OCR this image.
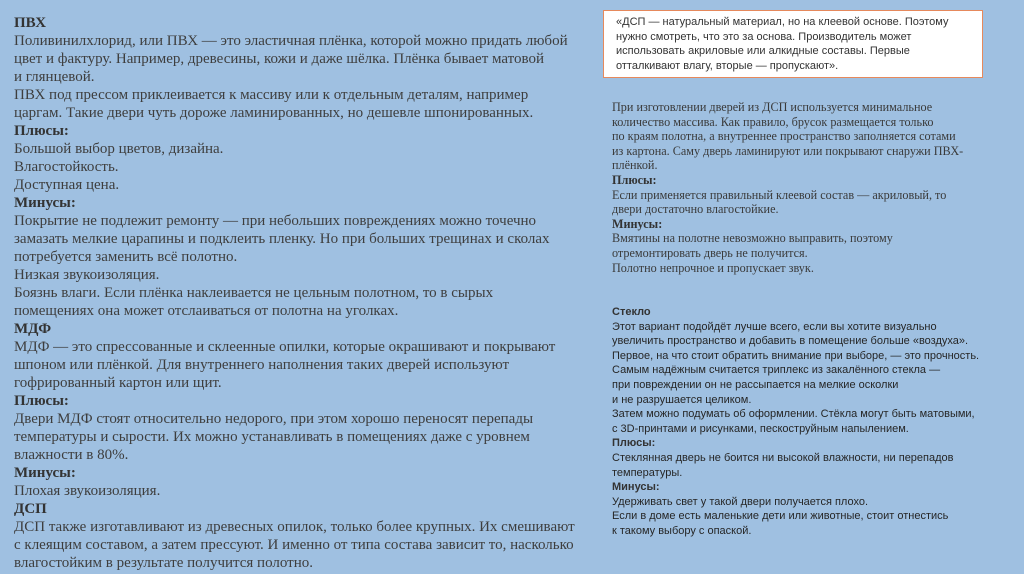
ПВХ
Поливинилхлорид, или ПВХ — это эластичная плёнка, которой можно придать любой
цвет и фактуру. Например, древесины, кожи и даже шёлка. Плёнка бывает матовой
и глянцевой.
ПВХ под прессом приклеивается к массиву или к отдельным деталям, например
царгам. Такие двери чуть дороже ламинированных, но дешевле шпонированных.
Плюсы:
Большой выбор цветов, дизайна.
Влагостойкость.
Доступная цена.
Минусы:
Покрытие не подлежит ремонту — при небольших повреждениях можно точечно
замазать мелкие царапины и подклеить пленку. Но при больших трещинах и сколах
потребуется заменить всё полотно.
Низкая звукоизоляция.
Боязнь влаги. Если плёнка наклеивается не цельным полотном, то в сырых
помещениях она может отслаиваться от полотна на уголках.
МДФ
МДФ — это спрессованные и склеенные опилки, которые окрашивают и покрывают
шпоном или плёнкой. Для внутреннего наполнения таких дверей используют
гофрированный картон или щит.
Плюсы:
Двери МДФ стоят относительно недорого, при этом хорошо переносят перепады
температуры и сырости. Их можно устанавливать в помещениях даже с уровнем
влажности в 80%.
Минусы:
Плохая звукоизоляция.
ДСП
ДСП также изготавливают из древесных опилок, только более крупных. Их смешивают
с клеящим составом, а затем прессуют. И именно от типа состава зависит то, насколько
влагостойким в результате получится полотно.
«ДСП — натуральный материал, но на клеевой основе. Поэтому
нужно смотреть, что это за основа. Производитель может
использовать акриловые или алкидные составы. Первые
отталкивают влагу, вторые — пропускают».
При изготовлении дверей из ДСП используется минимальное
количество массива. Как правило, брусок размещается только
по краям полотна, а внутреннее пространство заполняется сотами
из картона. Саму дверь ламинируют или покрывают снаружи ПВХ-
плёнкой.
Плюсы:
Если применяется правильный клеевой состав — акриловый, то
двери достаточно влагостойкие.
Минусы:
Вмятины на полотне невозможно выправить, поэтому
отремонтировать дверь не получится.
Полотно непрочное и пропускает звук.
Стекло
Этот вариант подойдёт лучше всего, если вы хотите визуально
увеличить пространство и добавить в помещение больше «воздуха».
Первое, на что стоит обратить внимание при выборе, — это прочность.
Самым надёжным считается триплекс из закалённого стекла —
при повреждении он не рассыпается на мелкие осколки
и не разрушается целиком.
Затем можно подумать об оформлении. Стёкла могут быть матовыми,
с 3D-принтами и рисунками, пескоструйным напылением.
Плюсы:
Стеклянная дверь не боится ни высокой влажности, ни перепадов
температуры.
Минусы:
Удерживать свет у такой двери получается плохо.
Если в доме есть маленькие дети или животные, стоит отнестись
к такому выбору с опаской.
